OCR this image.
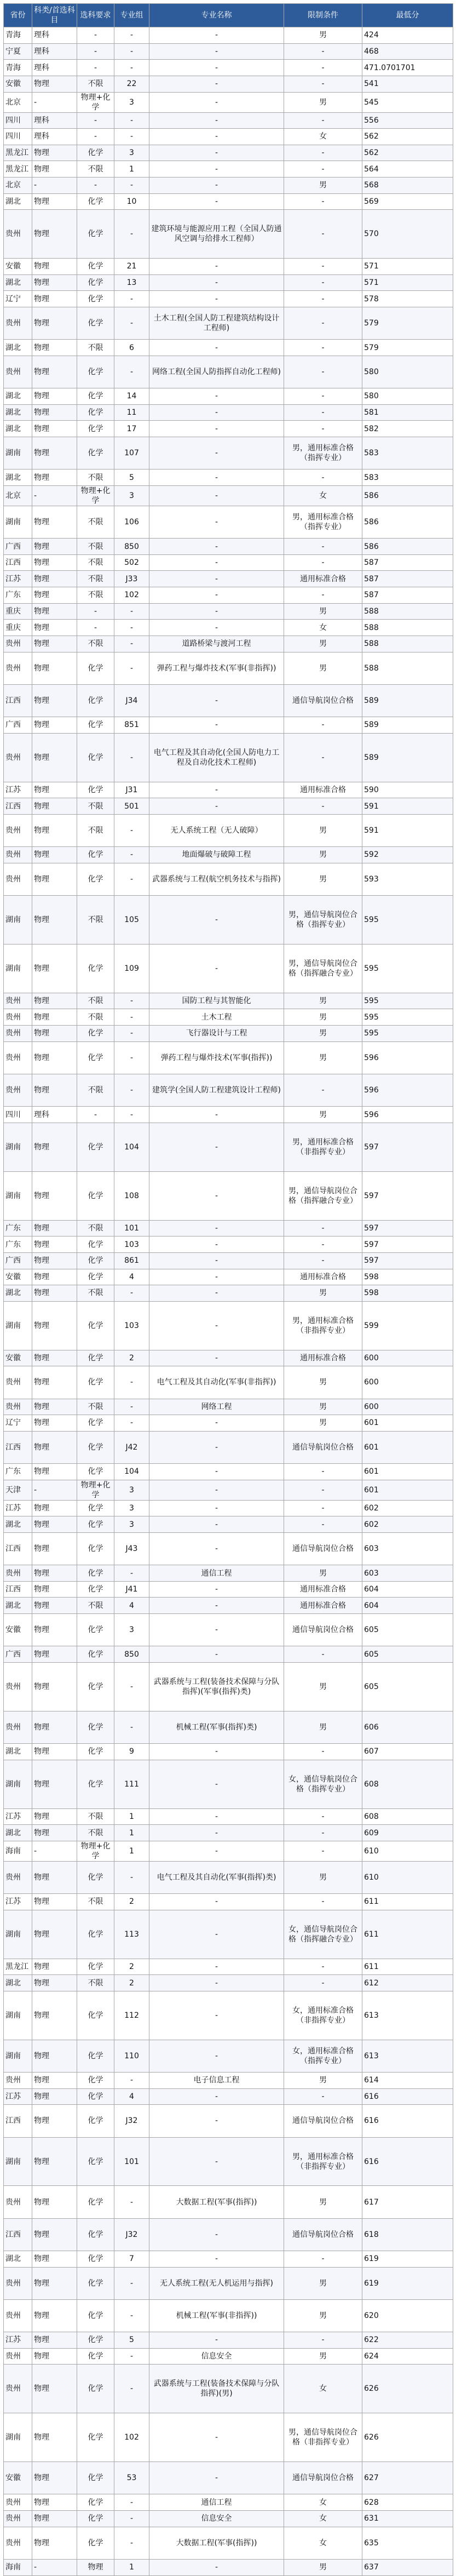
省份	科类/首选科目	选科要求	专业组	专业名称	限制条件	最低分
青海	理科	-	-	-	男	424
宁夏	理科	-	-	-	-	468
青海	理科	-	-	-	-	471.0701701
安徽	物理	不限	22	-	-	541
北京	-	物理+化学	3	-	男	545
四川	理科	-	-	-	-	556
四川	理科	-	-	-	女	562
黑龙江	物理	化学	3	-	-	562
黑龙江	物理	不限	1	-	-	564
北京	-	-	-	-	男	568
湖北	物理	化学	10	-	-	569
贵州	物理	化学	-	建筑环境与能源应用工程（全国人防通风空调与给排水工程师）	-	570
安徽	物理	化学	21	-	-	571
湖北	物理	化学	13	-	-	571
辽宁	物理	化学	-	-	-	578
贵州	物理	化学	-	土木工程(全国人防工程建筑结构设计工程师)	-	579
湖北	物理	不限	6	-	-	579
贵州	物理	化学	-	网络工程(全国人防指挥自动化工程师)	-	580
湖北	物理	化学	14	-	-	580
湖北	物理	化学	11	-	-	581
湖北	物理	化学	17	-	-	582
湖南	物理	化学	107	-	男，通用标准合格（指挥专业）	583
湖北	物理	不限	5	-	-	583
北京	-	物理+化学	3	-	女	586
湖南	物理	不限	106	-	男，通用标准合格（指挥专业）	586
广西	物理	不限	850	-	-	586
江西	物理	不限	502	-	-	587
江苏	物理	不限	J33	-	通用标准合格	587
广东	物理	不限	102	-	-	587
重庆	物理	-	-	-	男	588
重庆	物理	-	-	-	女	588
贵州	物理	不限	-	道路桥梁与渡河工程	男	588
贵州	物理	化学	-	弹药工程与爆炸技术(军事(非指挥))	男	588
江西	物理	化学	J34	-	通信导航岗位合格	589
广西	物理	化学	851	-	-	589
贵州	物理	化学	-	电气工程及其自动化(全国人防电力工程及自动化技术工程师)	-	589
江苏	物理	化学	J31	-	通用标准合格	590
江西	物理	不限	501	-	-	591
贵州	物理	不限	-	无人系统工程（无人破障）	男	591
贵州	物理	化学	-	地面爆破与破障工程	男	592
贵州	物理	化学	-	武器系统与工程(航空机务技术与指挥)	男	593
湖南	物理	不限	105	-	男，通信导航岗位合格（指挥专业）	595
湖南	物理	化学	109	-	男，通信导航岗位合格（指挥融合专业）	595
贵州	物理	不限	-	国防工程与其智能化	男	595
贵州	物理	不限	-	土木工程	男	595
贵州	物理	化学	-	飞行器设计与工程	男	595
贵州	物理	化学	-	弹药工程与爆炸技术(军事(指挥))	男	596
贵州	物理	不限	-	建筑学(全国人防工程建筑设计工程师)	-	596
四川	理科	-	-	-	男	596
湖南	物理	化学	104	-	男，通用标准合格（非指挥专业）	597
湖南	物理	化学	108	-	男，通信导航岗位合格（指挥融合专业）	597
广东	物理	不限	101	-	-	597
广东	物理	化学	103	-	-	597
广西	物理	化学	861	-	-	597
安徽	物理	化学	4	-	通用标准合格	598
湖北	物理	不限	-	-	男	598
湖南	物理	化学	103	-	男，通用标准合格（非指挥专业）	599
安徽	物理	化学	2	-	通用标准合格	600
贵州	物理	化学	-	电气工程及其自动化(军事(非指挥))	男	600
贵州	物理	不限	-	网络工程	男	600
辽宁	物理	化学	-	-	男	601
江西	物理	化学	J42	-	通信导航岗位合格	601
广东	物理	化学	104	-	-	601
天津	-	物理+化学	3	-	-	601
江苏	物理	化学	3	-	-	602
湖北	物理	化学	3	-	-	602
江西	物理	化学	J43	-	通信导航岗位合格	603
贵州	物理	化学	-	通信工程	男	603
江西	物理	化学	J41	-	通用标准合格	604
湖北	物理	不限	4	-	通用标准合格	604
安徽	物理	化学	3	-	通信导航岗位合格	605
广西	物理	化学	850	-	-	605
贵州	物理	化学	-	武器系统与工程(装备技术保障与分队指挥)(军事(指挥)类)	男	605
贵州	物理	化学	-	机械工程(军事(指挥)类)	男	606
湖北	物理	化学	9	-	-	607
湖南	物理	化学	111	-	女，通信导航岗位合格（指挥专业）	608
江苏	物理	不限	1	-	-	608
湖北	物理	不限	1	-	-	609
海南	-	物理+化学	1	-	-	610
贵州	物理	化学	-	电气工程及其自动化(军事(指挥)类)	男	610
江苏	物理	不限	2	-	-	611
湖南	物理	化学	113	-	女，通信导航岗位合格（指挥融合专业）	611
黑龙江	物理	化学	2	-	-	611
湖北	物理	不限	2	-	-	612
湖南	物理	化学	112	-	女，通用标准合格（非指挥专业）	613
湖南	物理	化学	110	-	女，通用标准合格（指挥专业）	613
贵州	物理	化学	-	电子信息工程	男	614
江苏	物理	化学	4	-	-	616
江西	物理	化学	J32	-	通信导航岗位合格	616
湖南	物理	化学	101	-	男，通用标准合格（非指挥专业）	616
贵州	物理	化学	-	大数据工程(军事(指挥))	男	617
江西	物理	化学	J32	-	通信导航岗位合格	618
湖北	物理	化学	7	-	-	619
贵州	物理	化学	-	无人系统工程(无人机运用与指挥)	男	619
贵州	物理	化学	-	机械工程(军事(非指挥))	男	620
江苏	物理	化学	5	-	-	622
贵州	物理	化学	-	信息安全	男	624
贵州	物理	化学	-	武器系统与工程(装备技术保障与分队指挥)(男)	女	626
湖南	物理	化学	102	-	男，通信导航岗位合格（非指挥专业）	626
安徽	物理	化学	53	-	通信导航岗位合格	627
贵州	物理	化学	-	通信工程	女	628
贵州	物理	化学	-	信息安全	女	631
贵州	物理	化学	-	大数据工程(军事(指挥))	女	635
海南	-	物理	1	-	男	637
